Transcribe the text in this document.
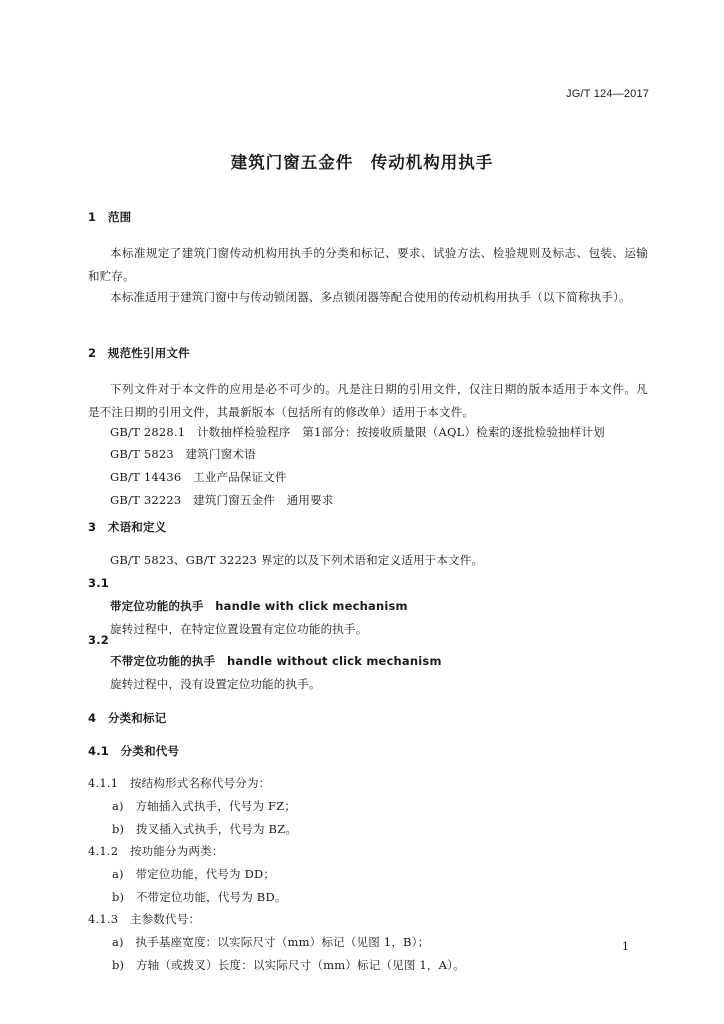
JG/T 124—2017
建筑门窗五金件　传动机构用执手
1　范围
本标准规定了建筑门窗传动机构用执手的分类和标记、要求、试验方法、检验规则及标志、包装、运输和贮存。
本标准适用于建筑门窗中与传动锁闭器、多点锁闭器等配合使用的传动机构用执手（以下简称执手）。
2　规范性引用文件
下列文件对于本文件的应用是必不可少的。凡是注日期的引用文件，仅注日期的版本适用于本文件。凡是不注日期的引用文件，其最新版本（包括所有的修改单）适用于本文件。
GB/T 2828.1　计数抽样检验程序　第1部分：按接收质量限（AQL）检索的逐批检验抽样计划
GB/T 5823　建筑门窗术语
GB/T 14436　工业产品保证文件
GB/T 32223　建筑门窗五金件　通用要求
3　术语和定义
GB/T 5823、GB/T 32223 界定的以及下列术语和定义适用于本文件。
3.1
带定位功能的执手　handle with click mechanism
旋转过程中，在特定位置设置有定位功能的执手。
3.2
不带定位功能的执手　handle without click mechanism
旋转过程中，没有设置定位功能的执手。
4　分类和标记
4.1　分类和代号
4.1.1　按结构形式名称代号分为：
a)　方轴插入式执手，代号为 FZ；
b)　拨叉插入式执手，代号为 BZ。
4.1.2　按功能分为两类：
a)　带定位功能，代号为 DD；
b)　不带定位功能，代号为 BD。
4.1.3　主参数代号：
a)　执手基座宽度：以实际尺寸（mm）标记（见图 1，B）；
b)　方轴（或拨叉）长度：以实际尺寸（mm）标记（见图 1，A）。
1
